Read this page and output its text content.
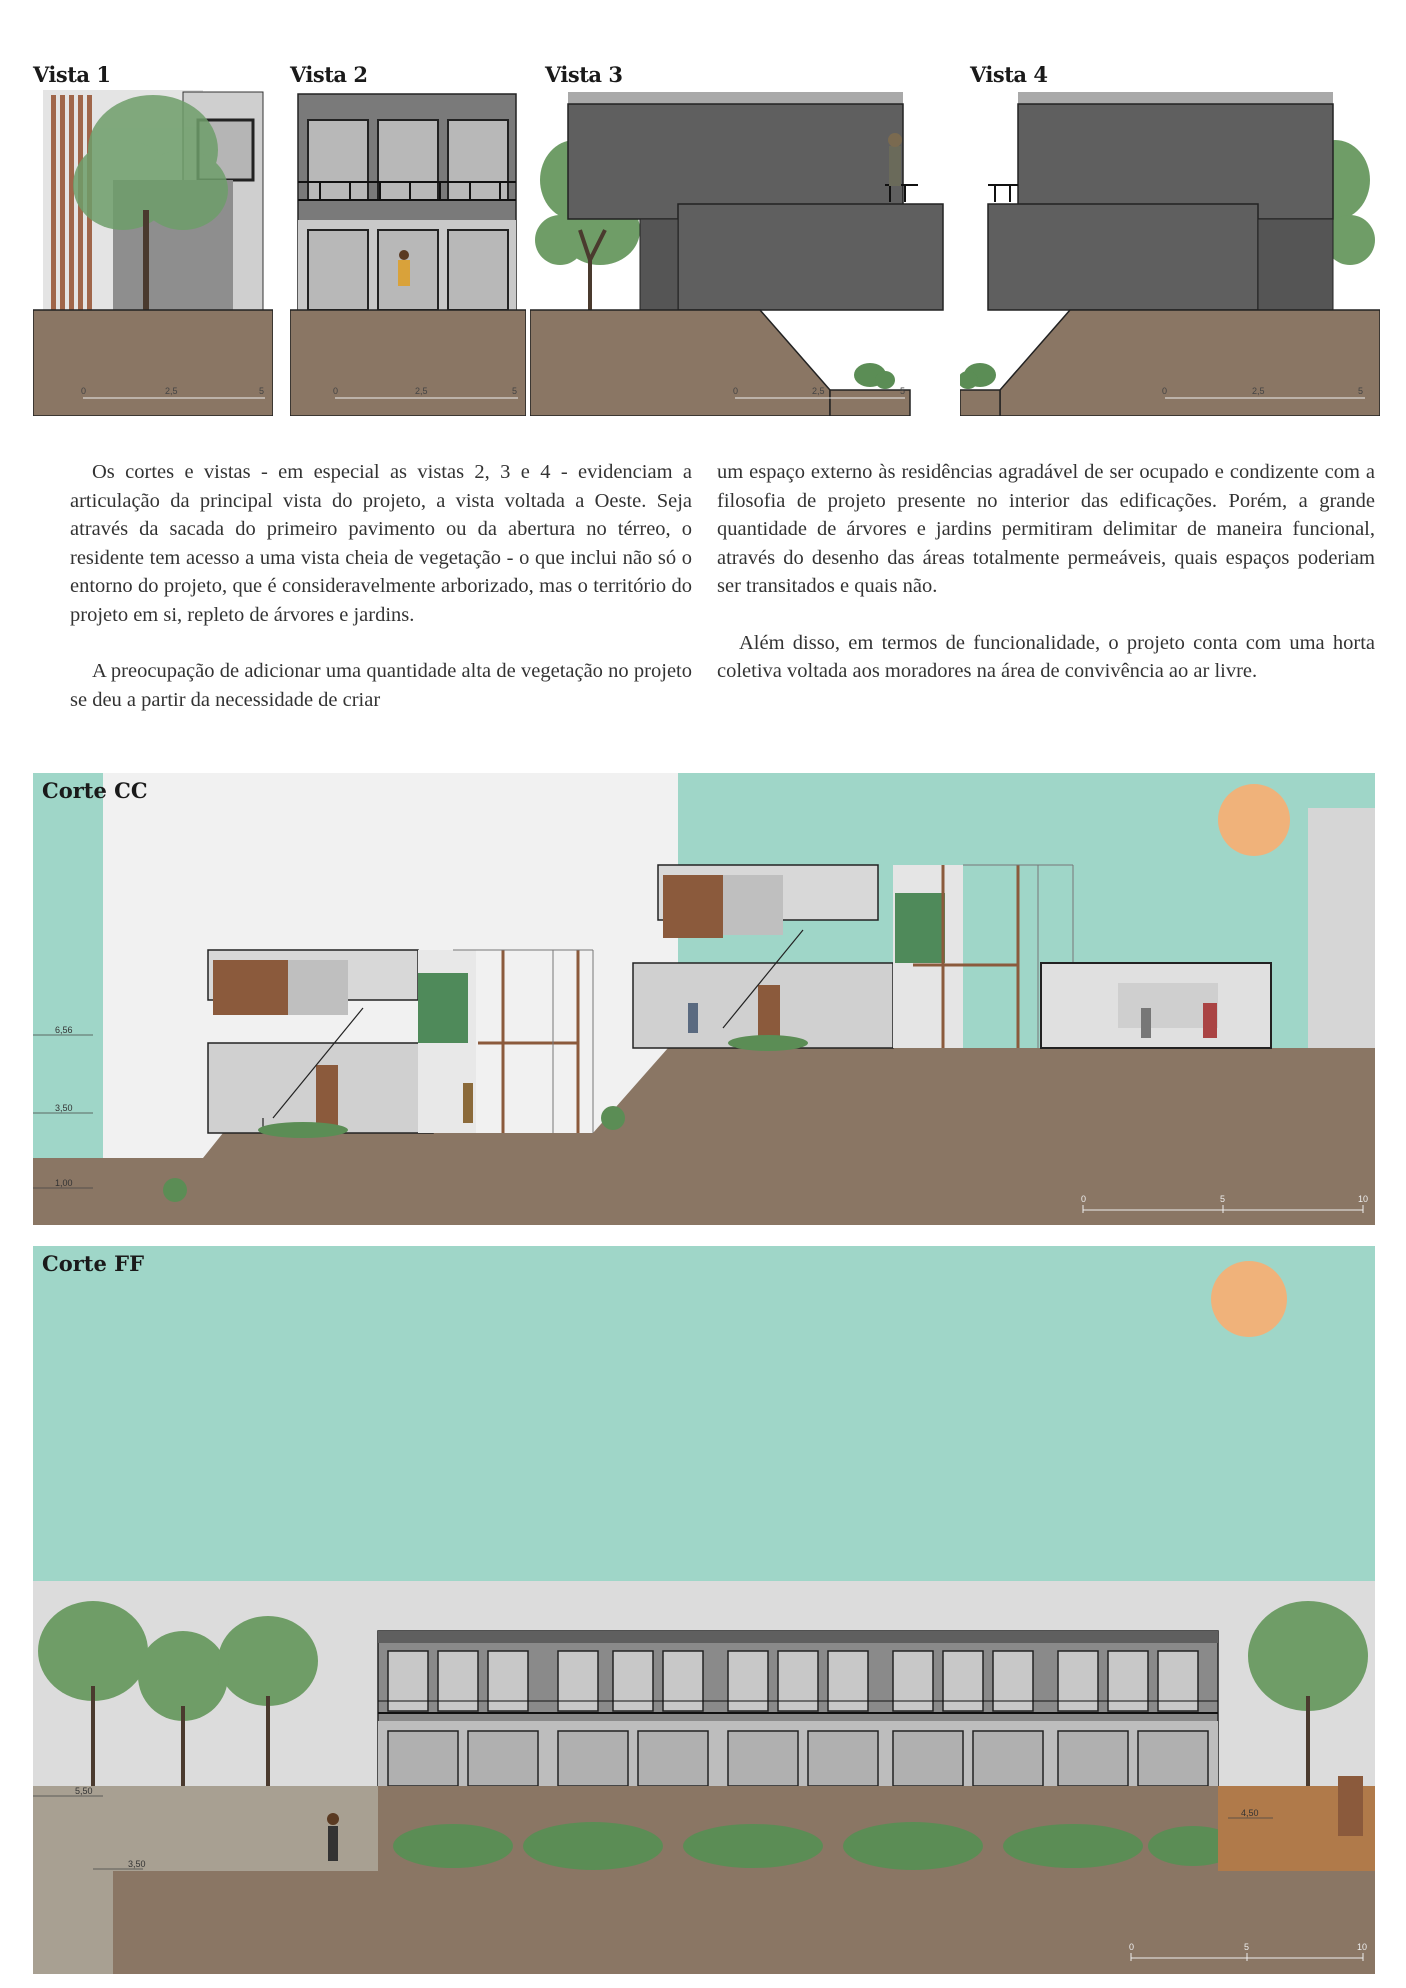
Vista 1	Vista 2	Vista 3	Vista 4
0	2,5	5	0	2,5	5	0	2,5	5	0	2,5	5

Os cortes e vistas - em especial as vistas 2, 3 e 4 - evidenciam a articulação da principal vista do projeto, a vista voltada a Oeste. Seja através da sacada do primeiro pavimento ou da abertura no térreo, o residente tem acesso a uma vista cheia de vegetação - o que inclui não só o entorno do projeto, que é consideravelmente arborizado, mas o território do projeto em si, repleto de árvores e jardins.

A preocupação de adicionar uma quantidade alta de vegetação no projeto se deu a partir da necessidade de criar

um espaço externo às residências agradável de ser ocupado e condizente com a filosofia de projeto presente no interior das edificações. Porém, a grande quantidade de árvores e jardins permitiram delimitar de maneira funcional, através do desenho das áreas totalmente permeáveis, quais espaços poderiam ser transitados e quais não.

Além disso, em termos de funcionalidade, o projeto conta com uma horta coletiva voltada aos moradores na área de convivência ao ar livre.

6,56
3,50
1,00
0	5	10
Corte CC
5,50
3,50
4,50
0	5	10
Corte FF
